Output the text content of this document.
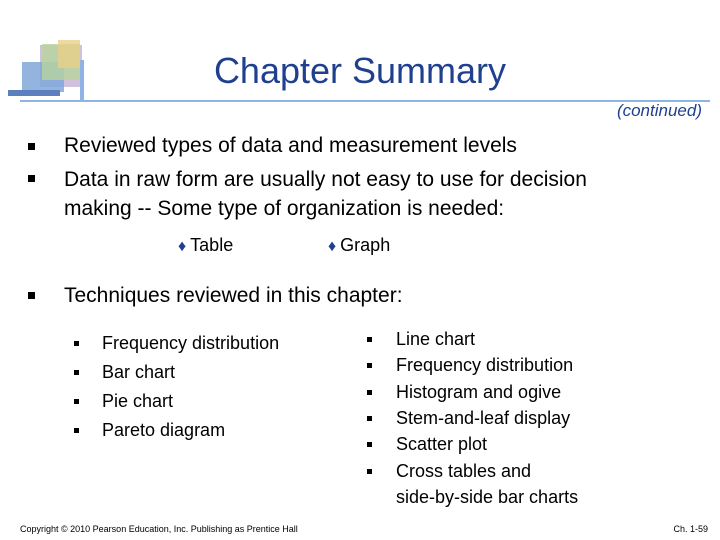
Chapter Summary
(continued)
Reviewed types of data and measurement levels
Data in raw form are usually not easy to use for decision
making -- Some type of organization is needed:
♦ Table	♦ Graph
Techniques reviewed in this chapter:
Frequency distribution
Bar chart
Pie chart
Pareto diagram
Line chart
Frequency distribution
Histogram and ogive
Stem-and-leaf display
Scatter plot
Cross tables and
side-by-side bar charts
Copyright © 2010 Pearson Education, Inc. Publishing as Prentice Hall	Ch. 1-59
